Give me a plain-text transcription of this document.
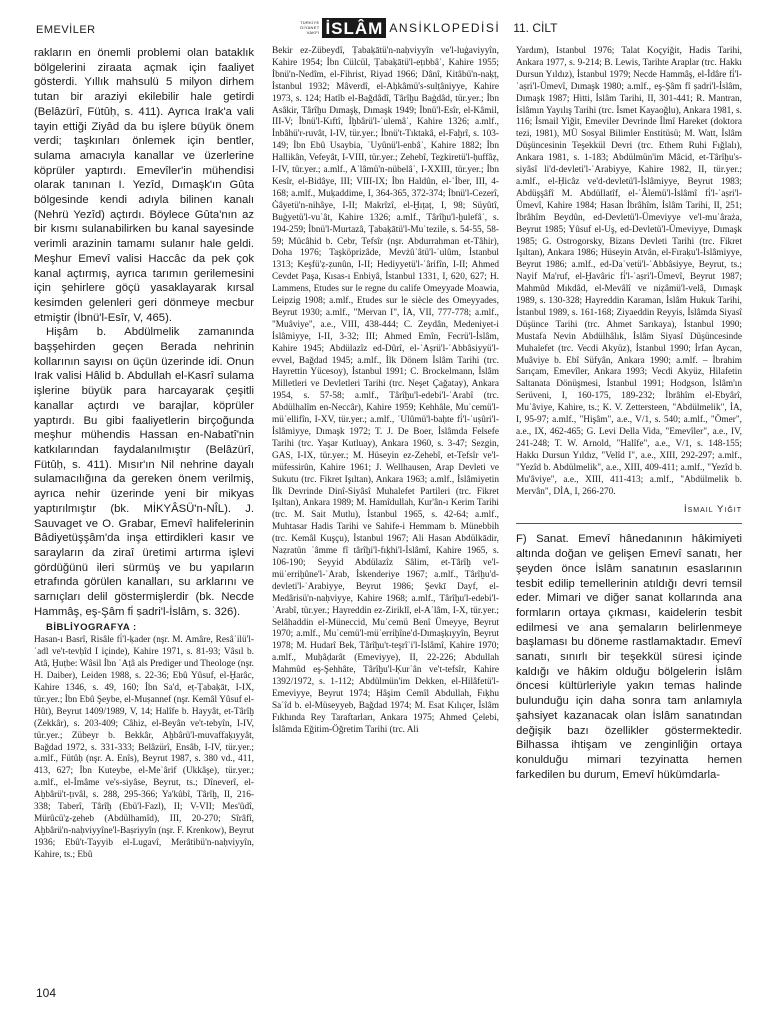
EMEVİLER
TÜRKİYE
DİYANET
VAKFI İSLÂM ANSİKLOPEDİSİ 11. CİLT

rakların en önemli problemi olan bataklık bölgelerini ziraata açmak için faaliyet gösterdi. Yıllık mahsulü 5 milyon dirhem tutan bir araziyi ekilebilir hale getirdi (Belâzürî, Fütûḥ, s. 411). Ayrıca Irak'a vali tayin ettiği Ziyâd da bu işlere büyük önem verdi; taşkınları önlemek için bentler, sulama amacıyla kanallar ve üzerlerine köprüler yaptırdı. Emevîler'in mühendisi olarak tanınan I. Yezîd, Dımaşk'ın Gûta bölgesinde kendi adıyla bilinen kanalı (Nehrü Yezîd) açtırdı. Böylece Gûta'nın az bir kısmı sulanabilirken bu kanal sayesinde verimli arazinin tamamı sulanır hale geldi. Meşhur Emevî valisi Haccâc da pek çok kanal açtırmış, ayrıca tarımın gerilemesini için şehirlere göçü yasaklayarak kırsal kesimden gelenleri geri dönmeye mecbur etmiştir (İbnü'l-Esîr, V, 465).

Hişâm b. Abdülmelik zamanında başşehirden geçen Berada nehrinin kollarının sayısı on üçün üzerinde idi. Onun Irak valisi Hâlid b. Abdullah el-Kasrî sulama işlerine büyük para harcayarak çeşitli kanallar açtırdı ve barajlar, köprüler yaptırdı. Bu gibi faaliyetlerin birçoğunda meşhur mühendis Hassan en-Nabatî'nin katkılarından faydalanılmıştır (Belâzürî, Fütûḥ, s. 411). Mısır'ın Nil nehrine dayalı sulamacılığına da gereken önem verilmiş, ayrıca nehir üzerinde yeni bir mikyas yaptırılmıştır (bk. MİKYÂSÜ'n-NÎL). J. Sauvaget ve O. Grabar, Emevî halifelerinin Bâdiyetüşşâm'da inşa ettirdikleri kasır ve sarayların da ziraî üretimi artırma işlevi gördüğünü ileri sürmüş ve bu yapıların etrafında görülen kanalları, su arklarını ve sarnıçları delil göstermişlerdir (bk. Necde Hammâş, eş-Şâm fi̇ ṣadri'l-İslâm, s. 326).

BİBLİYOGRAFYA :

Hasan-ı Basrî, Risâle fi̇'l-ḳader (nşr. M. Amâre, Resâʾilü'l-ʿadl ve't-tevḥîd I içinde), Kahire 1971, s. 81-93; Vâsıl b. Atâ, Ḫuṭbe: Wâsil İbn ʿAṭâ als Prediger und Theologe (nşr. H. Daiber), Leiden 1988, s. 22-36; Ebû Yûsuf, el-Ḫarâc, Kahire 1346, s. 49, 160; İbn Sa'd, eṭ-Ṭabaḳāt, I-IX, tür.yer.; İbn Ebû Şeybe, el-Muṣannef (nşr. Kemâl Yûsuf el-Hût), Beyrut 1409/1989, V, 14; Halîfe b. Hayyât, et-Târîḫ (Zekkâr), s. 203-409; Câhiz, el-Beyân ve't-tebyîn, I-IV, tür.yer.; Zübeyr b. Bekkâr, Aḫbârü'l-muvaffaḳıyyât, Bağdad 1972, s. 331-333; Belâzürî, Ensâb, I-IV, tür.yer.; a.mlf., Fütûḥ (nşr. A. Enîs), Beyrut 1987, s. 380 vd., 411, 413, 627; İbn Kuteybe, el-Meʿârif (Ukkâşe), tür.yer.; a.mlf., el-İmâme ve's-siyâse, Beyrut, ts.; Dîneverî, el-Aḫbârü't-ṭıvâl, s. 288, 295-366; Ya'kûbî, Târîḫ, II, 216-338; Taberî, Târîḫ (Ebü'l-Fazl), II; V-VII; Mes'ûdî, Mürûcü'ẕ-ẕeheb (Abdülhamîd), III, 20-270; Sîrâfî, Aḫbârü'n-naḥviyyîne'l-Baṣriyyîn (nşr. F. Krenkow), Beyrut 1936; Ebû't-Tayyib el-Lugavî, Merâtibü'n-naḥviyyîn, Kahire, ts.; Ebû

Bekir ez-Zübeydî, Ṭabaḳātü'n-naḥviyyîn ve'l-luġaviyyîn, Kahire 1954; İbn Cülcül, Ṭabaḳātü'l-eṭıbbâʾ, Kahire 1955; İbnü'n-Nedîm, el-Fihrist, Riyad 1966; Dânî, Kitâbü'n-naḳṭ, İstanbul 1932; Mâverdî, el-Aḥkâmü's-sulṭâniyye, Kahire 1973, s. 124; Hatîb el-Bağdâdî, Târîḫu Baġdâd, tür.yer.; İbn Asâkir, Târîḫu Dımaşḳ, Dımaşk 1949; İbnü'l-Esîr, el-Kâmil, III-V; İbnü'l-Kıftî, İḫbârü'l-ʿulemâʾ, Kahire 1326; a.mlf., İnbâhü'r-ruvât, I-IV, tür.yer.; İbnü't-Tıktakâ, el-Faḫrî, s. 103-149; İbn Ebû Usaybia, ʿUyûnü'l-enbâʾ, Kahire 1882; İbn Hallikân, Vefeyât, I-VIII, tür.yer.; Zehebî, Teẕkiretü'l-ḥuffâẓ, I-IV, tür.yer.; a.mlf., Aʿlâmü'n-nübelâʾ, I-XXIII, tür.yer.; İbn Kesîr, el-Bidâye, III; VIII-IX; İbn Haldûn, el-ʿİber, III, 4-168; a.mlf., Muḳaddime, I, 364-365, 372-374; İbnü'l-Cezerî, Ġâyetü'n-nihâye, I-II; Makrîzî, el-Ḫıṭaṭ, I, 98; Süyûtî, Buġyetü'l-vuʿât, Kahire 1326; a.mlf., Târîḫu'l-ḫulefâʾ, s. 194-259; İbnü'l-Murtazâ, Ṭabaḳātü'l-Muʿtezile, s. 54-55, 58-59; Mücâhid b. Cebr, Tefsîr (nşr. Abdurrahman et-Tâhir), Doha 1976; Taşköprizâde, Mevżûʿâtü'l-ʿulûm, İstanbul 1313; Keşfü'ẓ-ẓunûn, I-II; Hediyyetü'l-ʿârifîn, I-II; Ahmed Cevdet Paşa, Kısas-ı Enbiyâ, İstanbul 1331, I, 620, 627; H. Lammens, Etudes sur le regne du calife Omeyyade Moawia, Leipzig 1908; a.mlf., Etudes sur le siècle des Omeyyades, Beyrut 1930; a.mlf., "Mervan I", İA, VII, 777-778; a.mlf., "Muâviye", a.e., VIII, 438-444; C. Zeydân, Medeniyet-i İslâmiyye, I-II, 3-32; III; Ahmed Emîn, Fecrü'l-İslâm, Kahire 1945; Abdülazîz ed-Dûrî, el-ʿAṣrü'l-ʿAbbâsiyyü'l-evvel, Bağdad 1945; a.mlf., İlk Dönem İslâm Tarihi (trc. Hayrettin Yücesoy), İstanbul 1991; C. Brockelmann, İslâm Milletleri ve Devletleri Tarihi (trc. Neşet Çağatay), Ankara 1954, s. 57-58; a.mlf., Târîḫu'l-edebi'l-ʿArabî (trc. Abdülhalîm en-Neccâr), Kahire 1959; Kehhâle, Muʿcemü'l-müʾellifîn, I-XV, tür.yer.; a.mlf., ʿUlûmü'l-baḥte fi̇'l-ʿuṣûri'l-İslâmiyye, Dımaşk 1972; T. J. De Boer, İslâmda Felsefe Tarihi (trc. Yaşar Kutluay), Ankara 1960, s. 3-47; Sezgin, GAS, I-IX, tür.yer.; M. Hüseyin ez-Zehebî, et-Tefsîr ve'l-müfessirûn, Kahire 1961; J. Wellhausen, Arap Devleti ve Sukutu (trc. Fikret Işıltan), Ankara 1963; a.mlf., İslâmiyetin İlk Devrinde Dinî-Siyâsî Muhalefet Partileri (trc. Fikret Işıltan), Ankara 1989; M. Hamîdullah, Kur'ân-ı Kerim Tarihi (trc. M. Sait Mutlu), İstanbul 1965, s. 42-64; a.mlf., Muhtasar Hadis Tarihi ve Sahife-i Hemmam b. Münebbih (trc. Kemâl Kuşçu), İstanbul 1967; Ali Hasan Abdülkādir, Naẓratün ʿâmme fî târîḫi'l-fıḳhi'l-İslâmî, Kahire 1965, s. 106-190; Seyyid Abdülazîz Sâlim, et-Târîḫ ve'l-müʾerriḫûne'l-ʿArab, İskenderiye 1967; a.mlf., Târîḫu'd-devleti'l-ʿArabiyye, Beyrut 1986; Şevkī Dayf, el-Medârisü'n-naḥviyye, Kahire 1968; a.mlf., Târîḫu'l-edebi'l-ʿArabî, tür.yer.; Hayreddin ez-Ziriklî, el-Aʿlâm, I-X, tür.yer.; Selâhaddin el-Müneccid, Muʿcemü Benî Ümeyye, Beyrut 1970; a.mlf., Muʿcemü'l-müʾerriḫîne'd-Dımaşḳıyyîn, Beyrut 1978; M. Hudarî Bek, Târîḫu't-teşrîʿi'l-İslâmî, Kahire 1970; a.mlf., Muḥâḍarât (Emeviyye), II, 22-226; Abdullah Mahmûd eş-Şehhâte, Târîḫu'l-Ḳurʾân ve't-tefsîr, Kahire 1392/1972, s. 1-112; Abdülmün'im Dekken, el-Hilâfetü'l-Emeviyye, Beyrut 1974; Hâşim Cemîl Abdullah, Fıḳhu Saʿîd b. el-Müseyyeb, Bağdad 1974; M. Esat Kılıçer, İslâm Fıkhında Rey Taraftarları, Ankara 1975; Ahmed Çelebi, İslâmda Eğitim-Öğretim Tarihi (trc. Ali

Yardım), İstanbul 1976; Talat Koçyiğit, Hadis Tarihi, Ankara 1977, s. 9-214; B. Lewis, Tarihte Araplar (trc. Hakkı Dursun Yıldız), İstanbul 1979; Necde Hammâş, el-İdâre fi̇'l-ʿaṣri'l-Ümevî, Dımaşk 1980; a.mlf., eş-Şâm fî ṣadri'l-İslâm, Dımaşk 1987; Hitti, İslâm Tarihi, II, 301-441; R. Mantran, İslâmın Yayılış Tarihi (trc. İsmet Kayaoğlu), Ankara 1981, s. 116; İsmail Yiğit, Emeviler Devrinde İlmî Hareket (doktora tezi, 1981), MÜ Sosyal Bilimler Enstitüsü; M. Watt, İslâm Düşüncesinin Teşekkül Devri (trc. Ethem Ruhi Fığlalı), Ankara 1981, s. 1-183; Abdülmün'im Mâcid, et-Târîḫu's-siyâsî li'd-devleti'l-ʿArabiyye, Kahire 1982, II, tür.yer.; a.mlf., el-Ḥicâz ve'd-devletü'l-İslâmiyye, Beyrut 1983; Abdüşşâfî M. Abdüllatîf, el-ʿÂlemü'l-İslâmî fi̇'l-ʿaṣri'l-Ümevî, Kahire 1984; Hasan İbrâhîm, İslâm Tarihi, II, 251; İbrâhîm Beydûn, ed-Devletü'l-Ümeviyye ve'l-muʿâraża, Beyrut 1985; Yûsuf el-Uş, ed-Devletü'l-Ümeviyye, Dımaşk 1985; G. Ostrogorsky, Bizans Devleti Tarihi (trc. Fikret Işıltan), Ankara 1986; Hüseyin Atvân, el-Fıraḳu'l-İslâmiyye, Beyrut 1986; a.mlf., ed-Daʿvetü'l-ʿAbbâsiyye, Beyrut, ts.; Nayif Ma'ruf, el-Ḫavâric fi̇'l-ʿaṣri'l-Ümevî, Beyrut 1987; Mahmûd Mıkdâd, el-Mevâlî ve niẓâmü'l-velâ, Dımaşk 1989, s. 130-328; Hayreddin Karaman, İslâm Hukuk Tarihi, İstanbul 1989, s. 161-168; Ziyaeddin Reyyis, İslâmda Siyasî Düşünce Tarihi (trc. Ahmet Sarıkaya), İstanbul 1990; Mustafa Nevin Abdülhâlık, İslâm Siyasî Düşüncesinde Muhalefet (trc. Vecdi Akyüz), İstanbul 1990; İrfan Aycan, Muâviye b. Ebî Süfyân, Ankara 1990; a.mlf. – İbrahim Sarıçam, Emevîler, Ankara 1993; Vecdi Akyüz, Hilafetin Saltanata Dönüşmesi, İstanbul 1991; Hodgson, İslâm'ın Serüveni, I, 160-175, 189-232; İbrâhîm el-Ebyârî, Muʿâviye, Kahire, ts.; K. V. Zettersteen, "Abdülmelik", İA, I, 95-97; a.mlf., "Hişâm", a.e., V/1, s. 540; a.mlf., "Ömer", a.e., IX, 462-465; G. Levi Della Vida, "Emevîler", a.e., IV, 241-248; T. W. Arnold, "Halîfe", a.e., V/1, s. 148-155; Hakkı Dursun Yıldız, "Velîd I", a.e., XIII, 292-297; a.mlf., "Yezîd b. Abdülmelik", a.e., XIII, 409-411; a.mlf., "Yezîd b. Mu'âviye", a.e., XIII, 411-413; a.mlf., "Abdülmelik b. Mervân", DİA, I, 266-270.

İsmail Yiğit

F) Sanat. Emevî hânedanının hâkimiyeti altında doğan ve gelişen Emevî sanatı, her şeyden önce İslâm sanatının esaslarının tesbit edilip temellerinin atıldığı devri temsil eder. Mimari ve diğer sanat kollarında ana formların ortaya çıkması, kaidelerin tesbit edilmesi ve ana şemaların belirlenmeye başlaması bu döneme rastlamaktadır. Emevî sanatı, sınırlı bir teşekkül süresi içinde kaldığı ve hâkim olduğu bölgelerin İslâm öncesi kültürleriyle yakın temas halinde bulunduğu için daha sonra tam anlamıyla şahsiyet kazanacak olan İslâm sanatından değişik bazı özellikler göstermektedir. Bilhassa ihtişam ve zenginliğin ortaya konulduğu mimari tezyinatta hemen farkedilen bu durum, Emevî hükümdarla-

104
